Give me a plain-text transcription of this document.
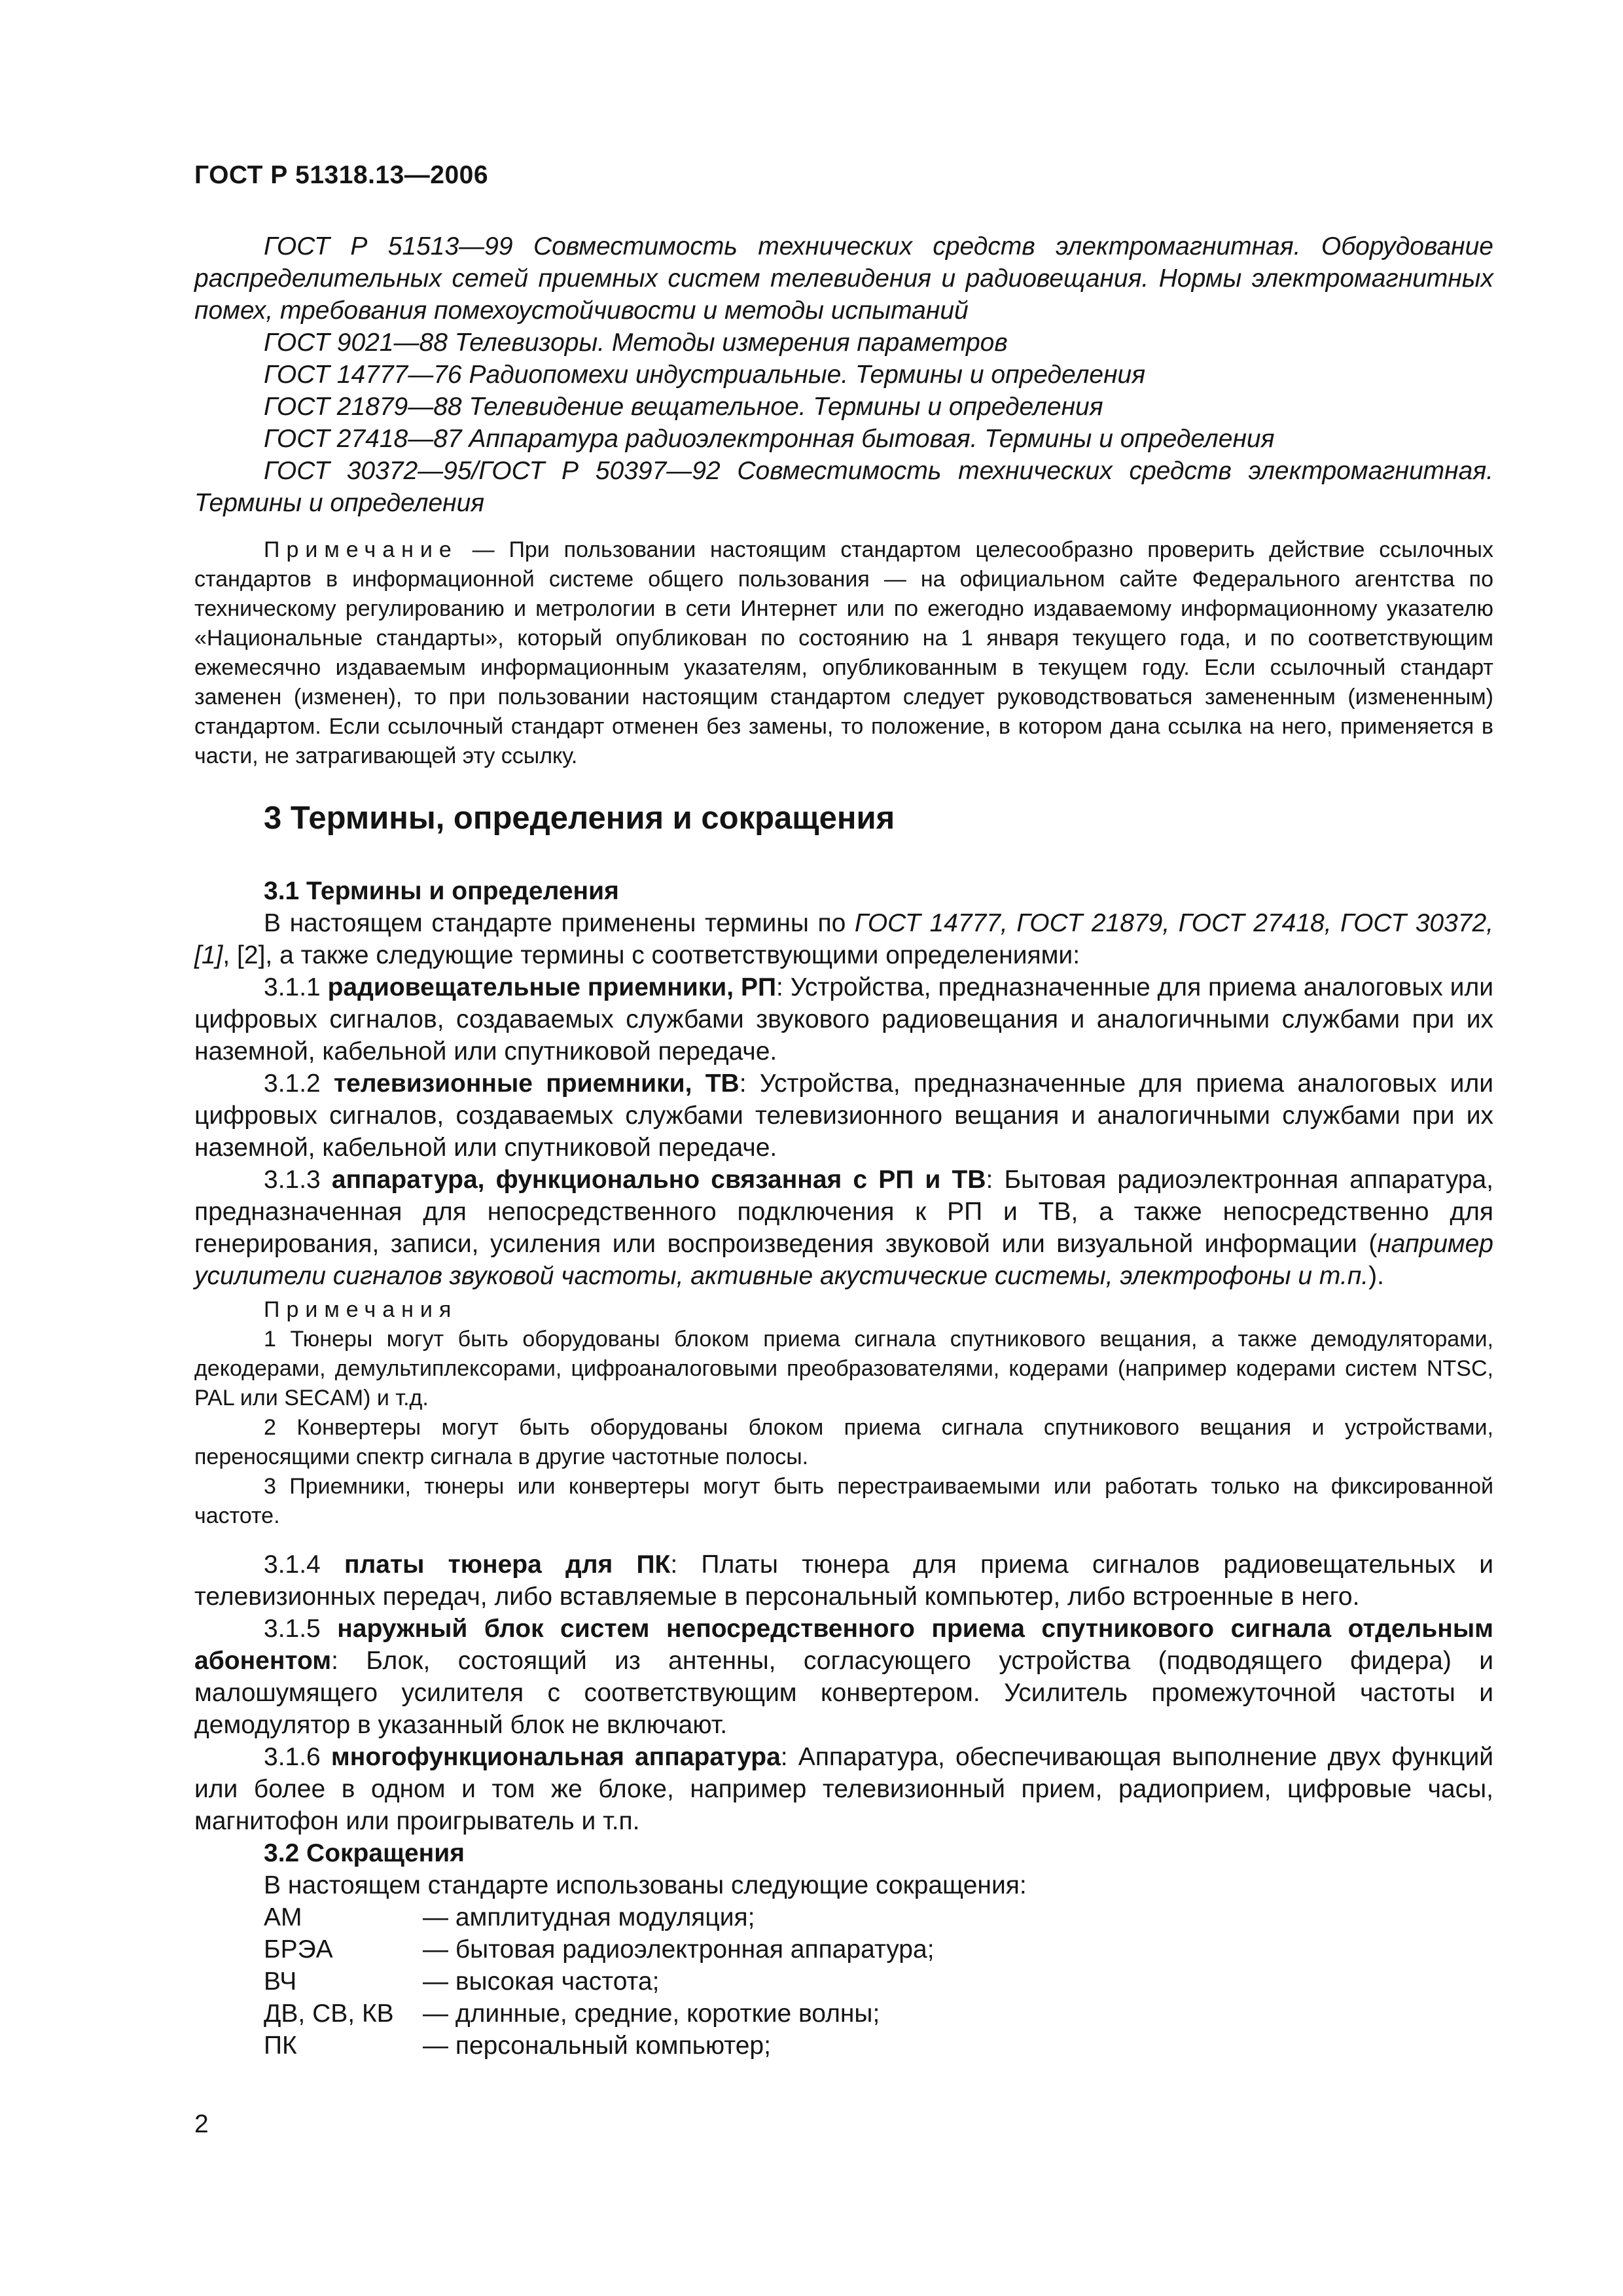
ГОСТ Р 51318.13—2006

ГОСТ Р 51513—99 Совместимость технических средств электромагнитная. Оборудование распределительных сетей приемных систем телевидения и радиовещания. Нормы электромагнитных помех, требования помехоустойчивости и методы испытаний

ГОСТ 9021—88 Телевизоры. Методы измерения параметров

ГОСТ 14777—76 Радиопомехи индустриальные. Термины и определения

ГОСТ 21879—88 Телевидение вещательное. Термины и определения

ГОСТ 27418—87 Аппаратура радиоэлектронная бытовая. Термины и определения

ГОСТ 30372—95/ГОСТ Р 50397—92 Совместимость технических средств электромагнитная. Термины и определения

Примечание — При пользовании настоящим стандартом целесообразно проверить действие ссылочных стандартов в информационной системе общего пользования — на официальном сайте Федерального агентства по техническому регулированию и метрологии в сети Интернет или по ежегодно издаваемому информационному указателю «Национальные стандарты», который опубликован по состоянию на 1 января текущего года, и по соответствующим ежемесячно издаваемым информационным указателям, опубликованным в текущем году. Если ссылочный стандарт заменен (изменен), то при пользовании настоящим стандартом следует руководствоваться замененным (измененным) стандартом. Если ссылочный стандарт отменен без замены, то положение, в котором дана ссылка на него, применяется в части, не затрагивающей эту ссылку.

3 Термины, определения и сокращения

3.1 Термины и определения

В настоящем стандарте применены термины по ГОСТ 14777, ГОСТ 21879, ГОСТ 27418, ГОСТ 30372, [1], [2], а также следующие термины с соответствующими определениями:

3.1.1 радиовещательные приемники, РП: Устройства, предназначенные для приема аналоговых или цифровых сигналов, создаваемых службами звукового радиовещания и аналогичными службами при их наземной, кабельной или спутниковой передаче.

3.1.2 телевизионные приемники, ТВ: Устройства, предназначенные для приема аналоговых или цифровых сигналов, создаваемых службами телевизионного вещания и аналогичными службами при их наземной, кабельной или спутниковой передаче.

3.1.3 аппаратура, функционально связанная с РП и ТВ: Бытовая радиоэлектронная аппаратура, предназначенная для непосредственного подключения к РП и ТВ, а также непосредственно для генерирования, записи, усиления или воспроизведения звуковой или визуальной информации (например усилители сигналов звуковой частоты, активные акустические системы, электрофоны и т.п.).

Примечания

1 Тюнеры могут быть оборудованы блоком приема сигнала спутникового вещания, а также демодуляторами, декодерами, демультиплексорами, цифроаналоговыми преобразователями, кодерами (например кодерами систем NTSC, PAL или SECAM) и т.д.

2 Конвертеры могут быть оборудованы блоком приема сигнала спутникового вещания и устройствами, переносящими спектр сигнала в другие частотные полосы.

3 Приемники, тюнеры или конвертеры могут быть перестраиваемыми или работать только на фиксированной частоте.

3.1.4 платы тюнера для ПК: Платы тюнера для приема сигналов радиовещательных и телевизионных передач, либо вставляемые в персональный компьютер, либо встроенные в него.

3.1.5 наружный блок систем непосредственного приема спутникового сигнала отдельным абонентом: Блок, состоящий из антенны, согласующего устройства (подводящего фидера) и малошумящего усилителя с соответствующим конвертером. Усилитель промежуточной частоты и демодулятор в указанный блок не включают.

3.1.6 многофункциональная аппаратура: Аппаратура, обеспечивающая выполнение двух функций или более в одном и том же блоке, например телевизионный прием, радиоприем, цифровые часы, магнитофон или проигрыватель и т.п.

3.2 Сокращения

В настоящем стандарте использованы следующие сокращения:

АМ	— амплитудная модуляция;
БРЭА	— бытовая радиоэлектронная аппаратура;
ВЧ	— высокая частота;
ДВ, СВ, КВ	— длинные, средние, короткие волны;
ПК	— персональный компьютер;
2
